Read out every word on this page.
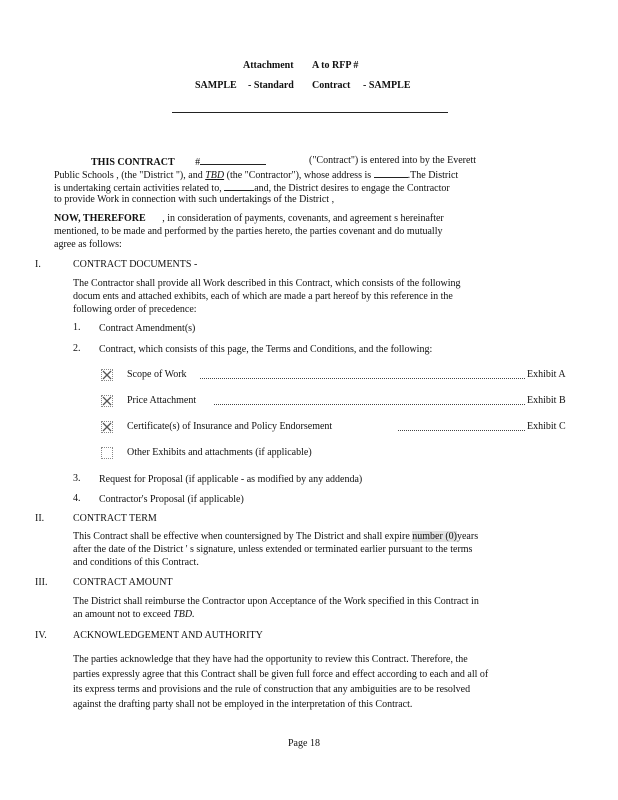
Attachment A to RFP #
SAMPLE - Standard Contract - SAMPLE
THIS CONTRACT #	("Contract") is entered into by the Everett
Public Schools , (the "District "), and TBD (the "Contractor"), whose address is	.The District
is undertaking certain activities related to,	and, the District desires to engage the Contractor
to provide Work in connection with such undertakings of the District ,
NOW, THEREFORE , in consideration of payments, covenants, and agreement s hereinafter
mentioned, to be made and performed by the parties hereto, the parties covenant and do mutually
agree as follows:
I.	CONTRACT DOCUMENTS -
The Contractor shall provide all Work described in this Contract, which consists of the following
docum ents and attached exhibits, each of which are made a part hereof by this reference in the
following order of precedence:
1. Contract Amendment(s)
2. Contract, which consists of this page, the Terms and Conditions, and the following:
Scope of Work	Exhibit A
Price Attachment	Exhibit B
Certificate(s) of Insurance and Policy Endorsement	Exhibit C
Other Exhibits and attachments (if applicable)
3. Request for Proposal (if applicable - as modified by any addenda)
4. Contractor's Proposal (if applicable)
II.	CONTRACT TERM
This Contract shall be effective when countersigned by The District and shall expire number (0)years
after the date of the District ' s signature, unless extended or terminated earlier pursuant to the terms
and conditions of this Contract.
III.	CONTRACT AMOUNT
The District shall reimburse the Contractor upon Acceptance of the Work specified in this Contract in
an amount not to exceed TBD.
IV.	ACKNOWLEDGEMENT AND AUTHORITY
The parties acknowledge that they have had the opportunity to review this Contract. Therefore, the
parties expressly agree that this Contract shall be given full force and effect according to each and all of
its express terms and provisions and the rule of construction that any ambiguities are to be resolved
against the drafting party shall not be employed in the interpretation of this Contract.
Page 18
